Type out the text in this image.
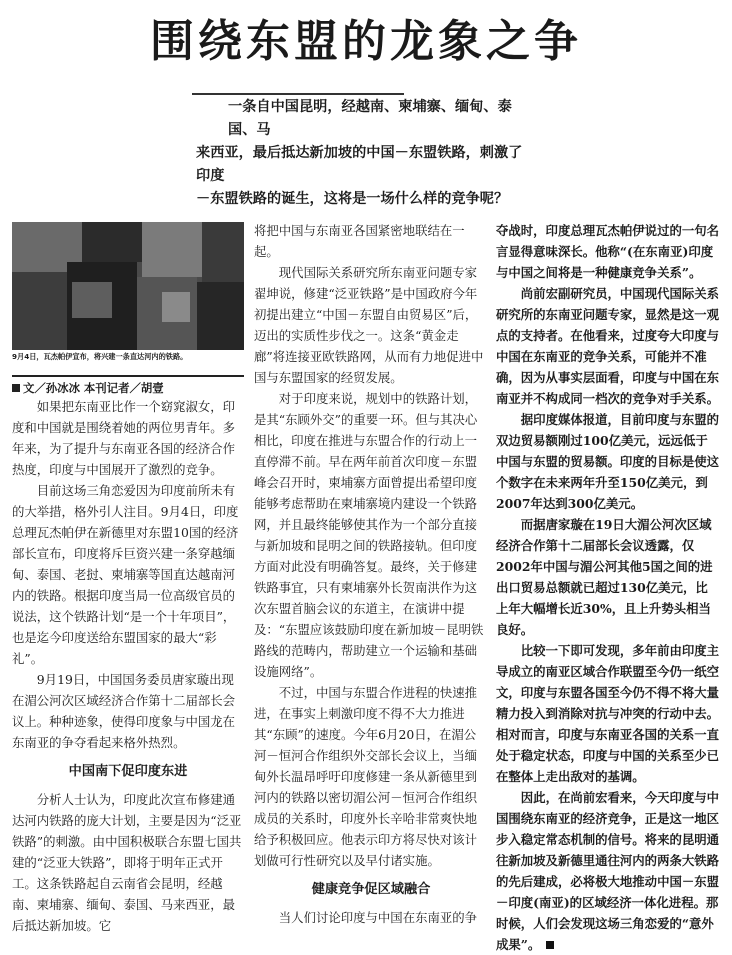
围绕东盟的龙象之争

一条自中国昆明，经越南、柬埔寨、缅甸、泰国、马

来西亚，最后抵达新加坡的中国－东盟铁路，刺激了印度

－东盟铁路的诞生，这将是一场什么样的竞争呢？

9月4日，瓦杰帕伊宣布，将兴建一条直达河内的铁路。
文／孙冰冰 本刊记者／胡壹

如果把东南亚比作一个窈窕淑女，印度和中国就是围绕着她的两位男青年。多年来，为了提升与东南亚各国的经济合作热度，印度与中国展开了激烈的竞争。

目前这场三角恋爱因为印度前所未有的大举措，格外引人注目。9月4日，印度总理瓦杰帕伊在新德里对东盟10国的经济部长宣布，印度将斥巨资兴建一条穿越缅甸、泰国、老挝、柬埔寨等国直达越南河内的铁路。根据印度当局一位高级官员的说法，这个铁路计划“是一个十年项目”，也是迄今印度送给东盟国家的最大“彩礼”。

9月19日，中国国务委员唐家璇出现在湄公河次区域经济合作第十二届部长会议上。种种迹象，使得印度象与中国龙在东南亚的争夺看起来格外热烈。

中国南下促印度东进

分析人士认为，印度此次宣布修建通达河内铁路的庞大计划，主要是因为“泛亚铁路”的刺激。由中国积极联合东盟七国共建的“泛亚大铁路”，即将于明年正式开工。这条铁路起自云南省会昆明，经越南、柬埔寨、缅甸、泰国、马来西亚，最后抵达新加坡。它

将把中国与东南亚各国紧密地联结在一起。

现代国际关系研究所东南亚问题专家翟坤说，修建“泛亚铁路”是中国政府今年初提出建立“中国－东盟自由贸易区”后，迈出的实质性步伐之一。这条“黄金走廊”将连接亚欧铁路网，从而有力地促进中国与东盟国家的经贸发展。

对于印度来说，规划中的铁路计划，是其“东顾外交”的重要一环。但与其决心相比，印度在推进与东盟合作的行动上一直停滞不前。早在两年前首次印度－东盟峰会召开时，柬埔寨方面曾提出希望印度能够考虑帮助在柬埔寨境内建设一个铁路网，并且最终能够使其作为一个部分直接与新加坡和昆明之间的铁路接轨。但印度方面对此没有明确答复。最终，关于修建铁路事宜，只有柬埔寨外长贺南洪作为这次东盟首脑会议的东道主，在演讲中提及：“东盟应该鼓励印度在新加坡－昆明铁路线的范畴内，帮助建立一个运输和基础设施网络”。

不过，中国与东盟合作进程的快速推进，在事实上刺激印度不得不大力推进其“东顾”的速度。今年6月20日，在湄公河－恒河合作组织外交部长会议上，当缅甸外长温昂呼吁印度修建一条从新德里到河内的铁路以密切湄公河－恒河合作组织成员的关系时，印度外长辛哈非常爽快地给予积极回应。他表示印方将尽快对该计划做可行性研究以及早付诸实施。

健康竞争促区域融合

当人们讨论印度与中国在东南亚的争

夺战时，印度总理瓦杰帕伊说过的一句名言显得意味深长。他称“(在东南亚)印度与中国之间将是一种健康竞争关系”。

尚前宏副研究员，中国现代国际关系研究所的东南亚问题专家，显然是这一观点的支持者。在他看来，过度夸大印度与中国在东南亚的竞争关系，可能并不准确，因为从事实层面看，印度与中国在东南亚并不构成同一档次的竞争对手关系。

据印度媒体报道，目前印度与东盟的双边贸易额刚过100亿美元，远远低于中国与东盟的贸易额。印度的目标是使这个数字在未来两年升至150亿美元，到2007年达到300亿美元。

而据唐家璇在19日大湄公河次区域经济合作第十二届部长会议透露，仅2002年中国与湄公河其他5国之间的进出口贸易总额就已超过130亿美元，比上年大幅增长近30%，且上升势头相当良好。

比较一下即可发现，多年前由印度主导成立的南亚区域合作联盟至今仍一纸空文，印度与东盟各国至今仍不得不将大量精力投入到消除对抗与冲突的行动中去。相对而言，印度与东南亚各国的关系一直处于稳定状态，印度与中国的关系至少已在整体上走出敌对的基调。

因此，在尚前宏看来，今天印度与中国围绕东南亚的经济竞争，正是这一地区步入稳定常态机制的信号。将来的昆明通往新加坡及新德里通往河内的两条大铁路的先后建成，必将极大地推动中国－东盟－印度(南亚)的区域经济一体化进程。那时候，人们会发现这场三角恋爱的“意外成果”。
